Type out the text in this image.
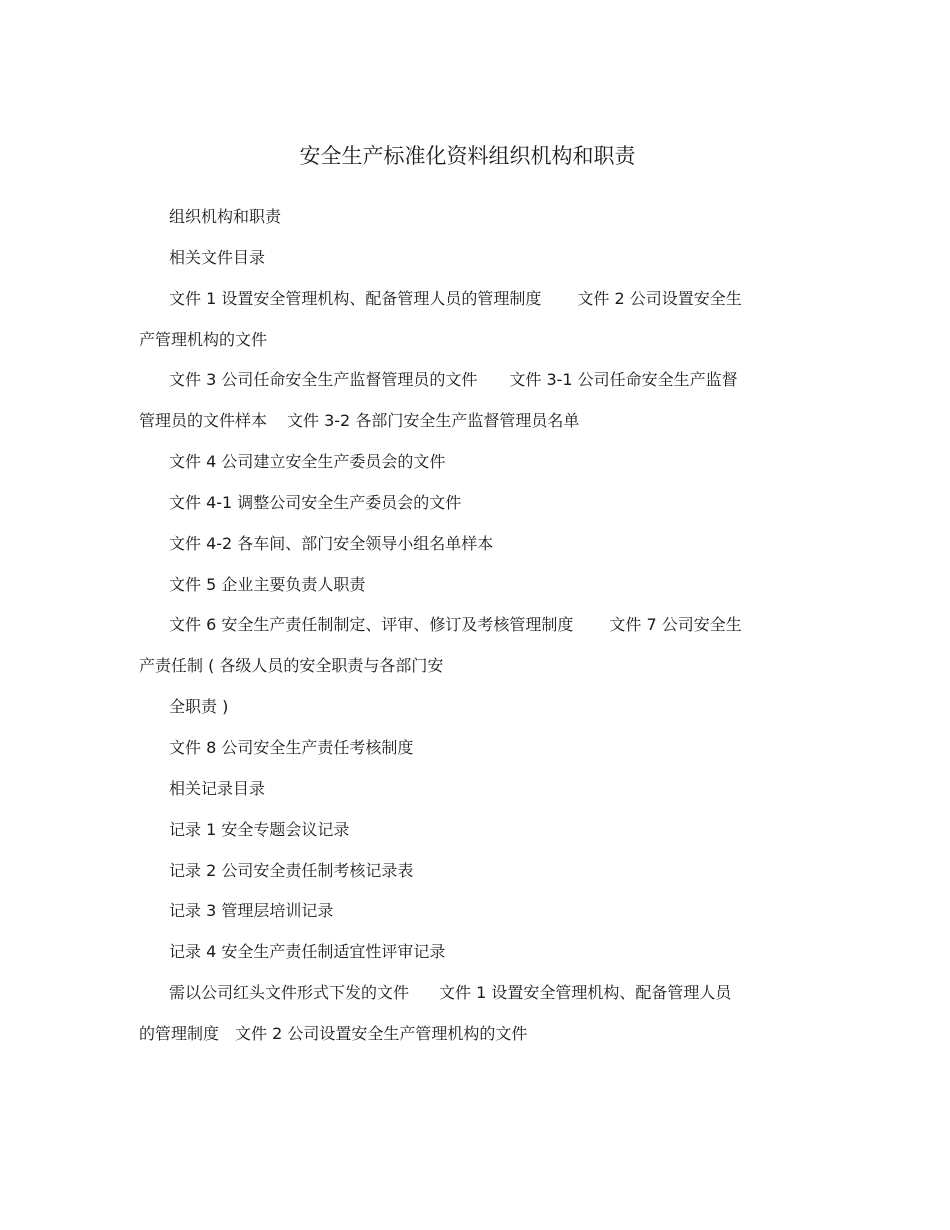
安全生产标准化资料组织机构和职责
组织机构和职责
相关文件目录
文件 1 设置安全管理机构、配备管理人员的管理制度 文件 2 公司设置安全生
产管理机构的文件
文件 3 公司任命安全生产监督管理员的文件 文件 3-1 公司任命安全生产监督
管理员的文件样本 文件 3-2 各部门安全生产监督管理员名单
文件 4 公司建立安全生产委员会的文件
文件 4-1 调整公司安全生产委员会的文件
文件 4-2 各车间、部门安全领导小组名单样本
文件 5 企业主要负责人职责
文件 6 安全生产责任制制定、评审、修订及考核管理制度 文件 7 公司安全生
产责任制 ( 各级人员的安全职责与各部门安
全职责 )
文件 8 公司安全生产责任考核制度
相关记录目录
记录 1 安全专题会议记录
记录 2 公司安全责任制考核记录表
记录 3 管理层培训记录
记录 4 安全生产责任制适宜性评审记录
需以公司红头文件形式下发的文件 文件 1 设置安全管理机构、配备管理人员
的管理制度 文件 2 公司设置安全生产管理机构的文件
